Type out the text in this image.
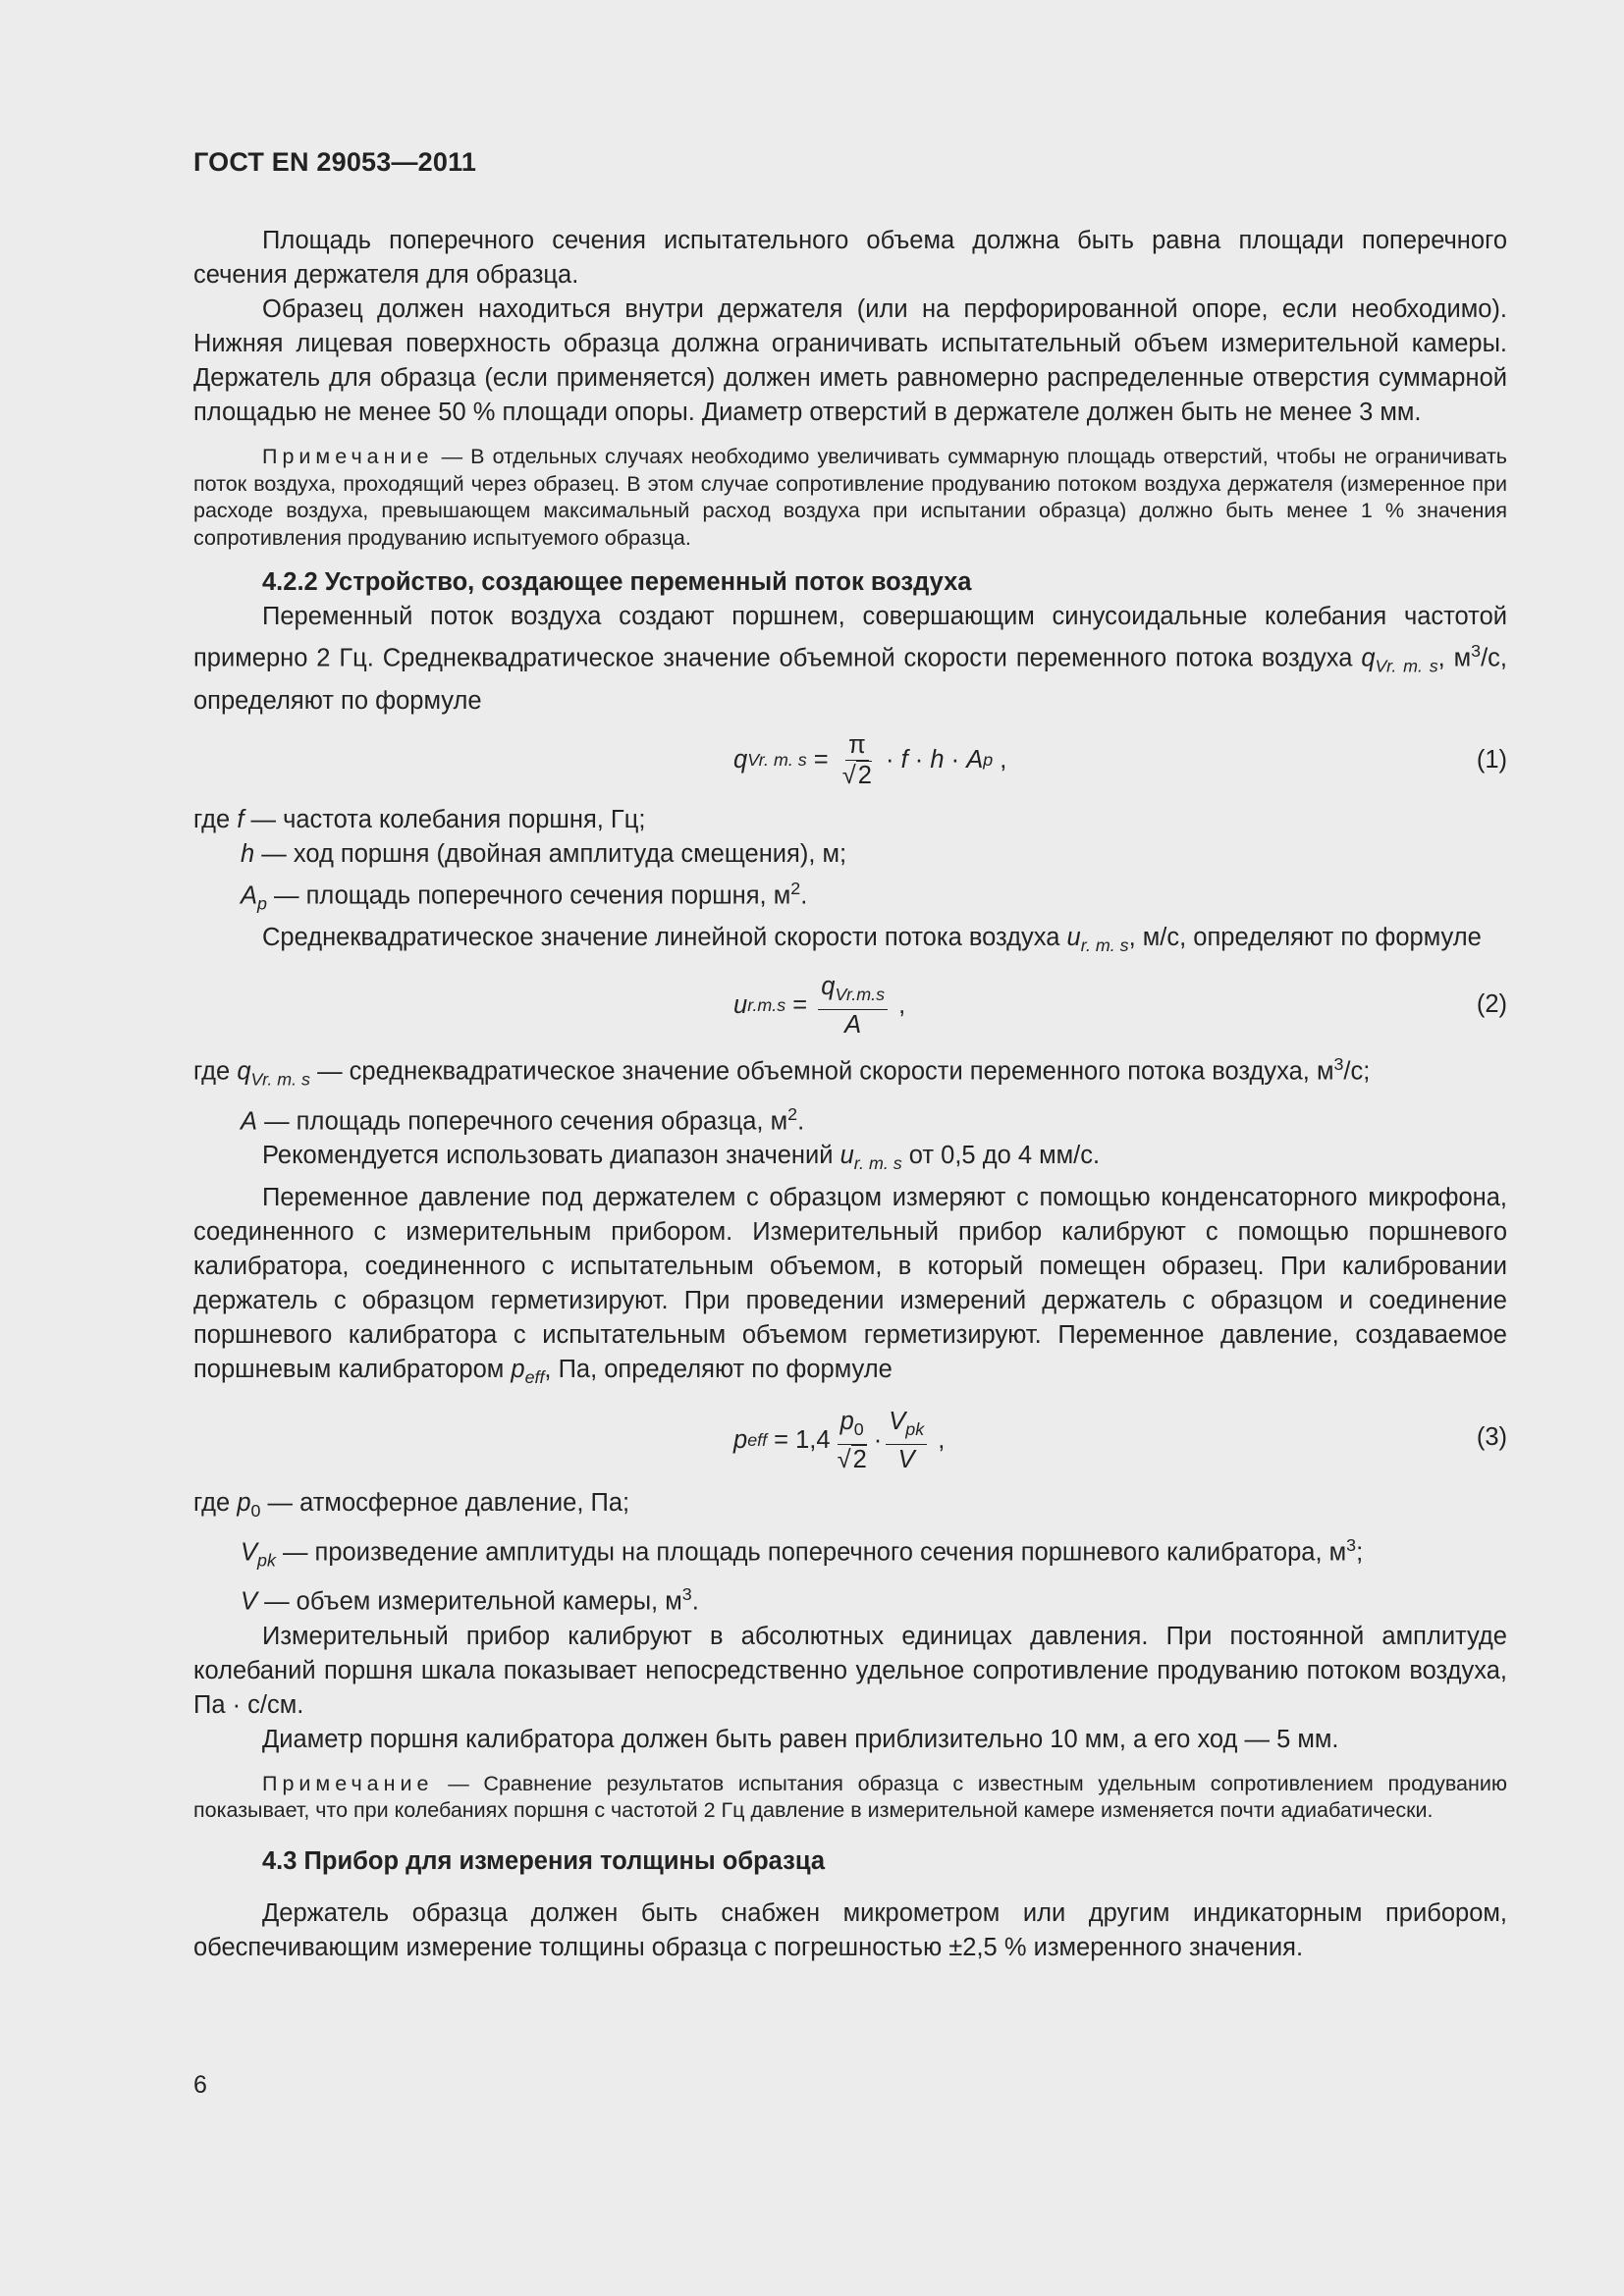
ГОСТ EN 29053—2011

Площадь поперечного сечения испытательного объема должна быть равна площади поперечного сечения держателя для образца.

Образец должен находиться внутри держателя (или на перфорированной опоре, если необходимо). Нижняя лицевая поверхность образца должна ограничивать испытательный объем измерительной камеры. Держатель для образца (если применяется) должен иметь равномерно распределенные отверстия суммарной площадью не менее 50 % площади опоры. Диаметр отверстий в держателе должен быть не менее 3 мм.

Примечание — В отдельных случаях необходимо увеличивать суммарную площадь отверстий, чтобы не ограничивать поток воздуха, проходящий через образец. В этом случае сопротивление продуванию потоком воздуха держателя (измеренное при расходе воздуха, превышающем максимальный расход воздуха при испытании образца) должно быть менее 1 % значения сопротивления продуванию испытуемого образца.

4.2.2 Устройство, создающее переменный поток воздуха

Переменный поток воздуха создают поршнем, совершающим синусоидальные колебания частотой примерно 2 Гц. Среднеквадратическое значение объемной скорости переменного потока воздуха $q_{Vr. m. s}$, $м^3/с$, определяют по формуле

q Vr. m. s
=
$\frac{\pi}{√2} \cdot f \cdot h \cdot A$ p ,	(1)

где f — частота колебания поршня, Гц;

h — ход поршня (двойная амплитуда смещения), м;

$A_p$ — площадь поперечного сечения поршня, $м^2$.

Среднеквадратическое значение линейной скорости потока воздуха $u_{r. m. s}$, м/с, определяют по формуле

u r.m.s
=
$\frac{q_{Vr.m.s}}{A}$ ,	(2)

где $q_{Vr. m. s}$ — среднеквадратическое значение объемной скорости переменного потока воздуха, $м^3/с$;

A — площадь поперечного сечения образца, $м^2$.

Рекомендуется использовать диапазон значений $u_{r. m. s}$ от 0,5 до 4 мм/с.

Переменное давление под держателем с образцом измеряют с помощью конденсаторного микрофона, соединенного с измерительным прибором. Измерительный прибор калибруют с помощью поршневого калибратора, соединенного с испытательным объемом, в который помещен образец. При калибровании держатель с образцом герметизируют. При проведении измерений держатель с образцом и соединение поршневого калибратора с испытательным объемом герметизируют. Переменное давление, создаваемое поршневым калибратором $p_{eff}$, Па, определяют по формуле

p eff
= $1,4 \frac{p_0}{√2} \cdot \frac{V_{pk}}{V}$ ,	(3)

где $p_0$ — атмосферное давление, Па;

$V_{pk}$ — произведение амплитуды на площадь поперечного сечения поршневого калибратора, $м^3$;

V — объем измерительной камеры, $м^3$.

Измерительный прибор калибруют в абсолютных единицах давления. При постоянной амплитуде колебаний поршня шкала показывает непосредственно удельное сопротивление продуванию потоком воздуха, Па · с/см.

Диаметр поршня калибратора должен быть равен приблизительно 10 мм, а его ход — 5 мм.

Примечание — Сравнение результатов испытания образца с известным удельным сопротивлением продуванию показывает, что при колебаниях поршня с частотой 2 Гц давление в измерительной камере изменяется почти адиабатически.

4.3 Прибор для измерения толщины образца

Держатель образца должен быть снабжен микрометром или другим индикаторным прибором, обеспечивающим измерение толщины образца с погрешностью ±2,5 % измеренного значения.

6
